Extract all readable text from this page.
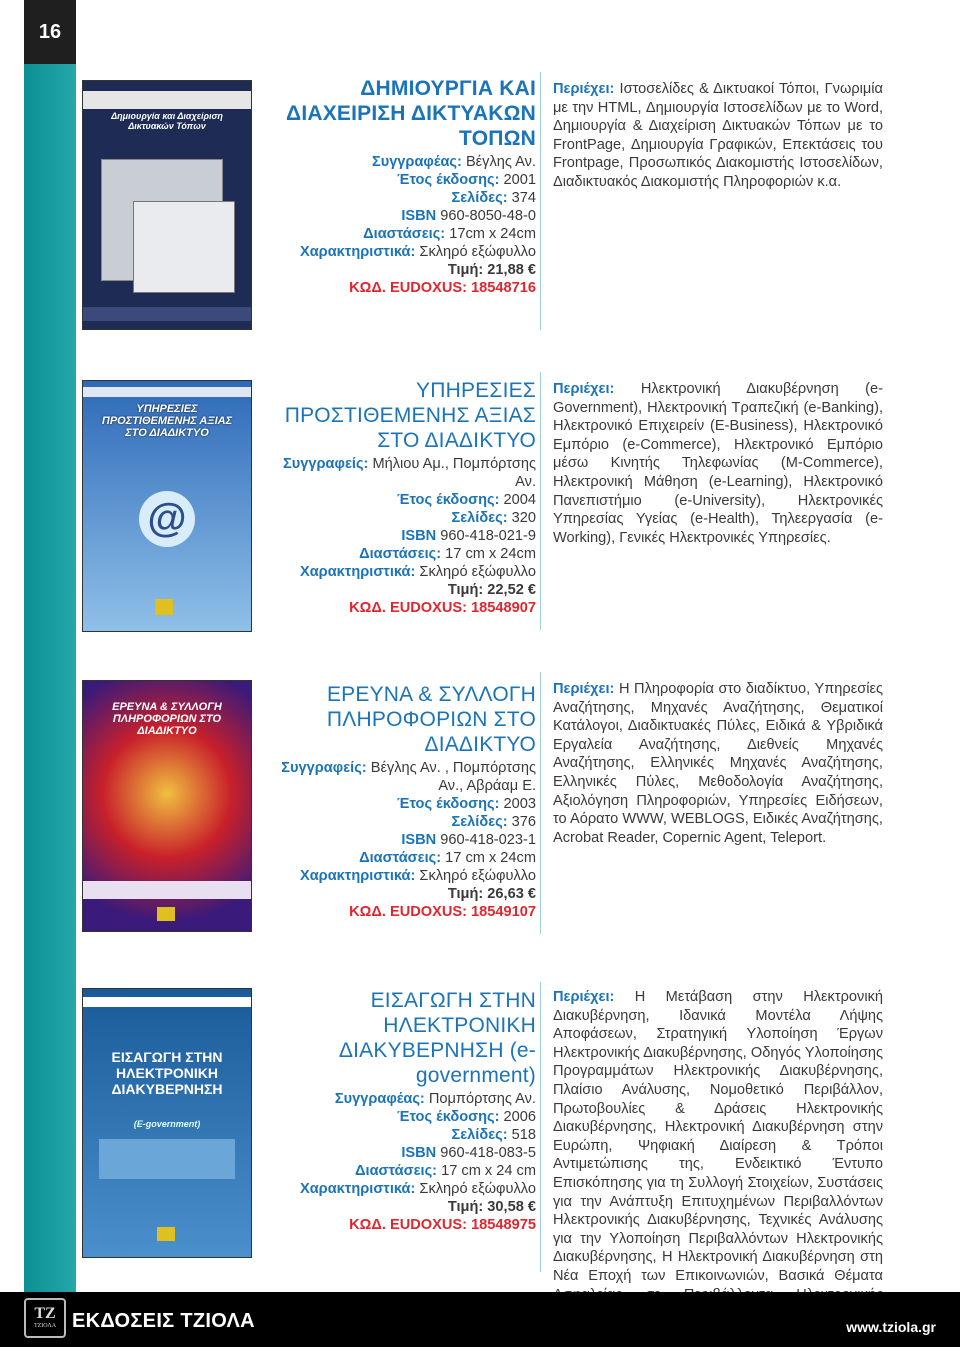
16
Δημιουργία και Διαχείριση Δικτυακών Τόπων
ΔΗΜΙΟΥΡΓΙΑ ΚΑΙ ΔΙΑΧΕΙΡΙΣΗ ΔΙΚΤΥΑΚΩΝ ΤΟΠΩΝ
Συγγραφέας: Βέγλης Αν.
Έτος έκδοσης: 2001
Σελίδες: 374
ISBN 960-8050-48-0
Διαστάσεις: 17cm x 24cm
Χαρακτηριστικά: Σκληρό εξώφυλλο
Τιμή: 21,88 €
ΚΩΔ. EUDOXUS: 18548716
Περιέχει: Ιστοσελίδες & Δικτυακοί Τόποι, Γνωριμία με την HTML, Δημιουργία Ιστοσελίδων με το Word, Δημιουργία & Διαχείριση Δικτυακών Τόπων με το FrontPage, Δημιουργία Γραφικών, Επεκτάσεις του Frontpage, Προσωπικός Διακομιστής Ιστοσελίδων, Διαδικτυακός Διακομιστής Πληροφοριών κ.α.
ΥΠΗΡΕΣΙΕΣ ΠΡΟΣΤΙΘΕΜΕΝΗΣ ΑΞΙΑΣ ΣΤΟ ΔΙΑΔΙΚΤΥΟ
@
ΥΠΗΡΕΣΙΕΣ ΠΡΟΣΤΙΘΕΜΕΝΗΣ ΑΞΙΑΣ ΣΤΟ ΔΙΑΔΙΚΤΥΟ
Συγγραφείς: Μήλιου Αμ., Πομπόρτσης Αν.
Έτος έκδοσης: 2004
Σελίδες: 320
ISBN 960-418-021-9
Διαστάσεις: 17 cm x 24cm
Χαρακτηριστικά: Σκληρό εξώφυλλο
Τιμή: 22,52 €
ΚΩΔ. EUDOXUS: 18548907
Περιέχει: Ηλεκτρονική Διακυβέρνηση (e-Government), Ηλεκτρονική Τραπεζική (e-Banking), Ηλεκτρονικό Επιχειρείν (E-Business), Ηλεκτρονικό Εμπόριο (e-Commerce), Ηλεκτρονικό Εμπόριο μέσω Κινητής Τηλεφωνίας (M-Commerce), Ηλεκτρονική Μάθηση (e-Learning), Ηλεκτρονικό Πανεπιστήμιο (e-University), Ηλεκτρονικές Υπηρεσίας Υγείας (e-Health), Τηλεεργασία (e-Working), Γενικές Ηλεκτρονικές Υπηρεσίες.
ΕΡΕΥΝΑ & ΣΥΛΛΟΓΗ ΠΛΗΡΟΦΟΡΙΩΝ ΣΤΟ ΔΙΑΔΙΚΤΥΟ
ΕΡΕΥΝΑ & ΣΥΛΛΟΓΗ ΠΛΗΡΟΦΟΡΙΩΝ ΣΤΟ ΔΙΑΔΙΚΤΥΟ
Συγγραφείς: Βέγλης Αν. , Πομπόρτσης Αν., Αβράαμ Ε.
Έτος έκδοσης: 2003
Σελίδες: 376
ISBN 960-418-023-1
Διαστάσεις: 17 cm x 24cm
Χαρακτηριστικά: Σκληρό εξώφυλλο
Τιμή: 26,63 €
ΚΩΔ. EUDOXUS: 18549107
Περιέχει: Η Πληροφορία στο διαδίκτυο, Υπηρεσίες Αναζήτησης, Μηχανές Αναζήτησης, Θεματικοί Κατάλογοι, Διαδικτυακές Πύλες, Ειδικά & Υβριδικά Εργαλεία Αναζήτησης, Διεθνείς Μηχανές Αναζήτησης, Ελληνικές Μηχανές Αναζήτησης, Ελληνικές Πύλες, Μεθοδολογία Αναζήτησης, Αξιολόγηση Πληροφοριών, Υπηρεσίες Ειδήσεων, το Αόρατο WWW, WEBLOGS, Ειδικές Αναζήτησης, Acrobat Reader, Copernic Agent, Teleport.
ΕΙΣΑΓΩΓΗ ΣΤΗΝ ΗΛΕΚΤΡΟΝΙΚΗ ΔΙΑΚΥΒΕΡΝΗΣΗ
(E-government)
ΕΙΣΑΓΩΓΗ ΣΤΗΝ ΗΛΕΚΤΡΟΝΙΚΗ ΔΙΑΚΥΒΕΡΝΗΣΗ (e-government)
Συγγραφέας: Πομπόρτσης Αν.
Έτος έκδοσης: 2006
Σελίδες: 518
ISBN 960-418-083-5
Διαστάσεις: 17 cm x 24 cm
Χαρακτηριστικά: Σκληρό εξώφυλλο
Τιμή: 30,58 €
ΚΩΔ. EUDOXUS: 18548975
Περιέχει: Η Μετάβαση στην Ηλεκτρονική Διακυβέρνηση, Ιδανικά Μοντέλα Λήψης Αποφάσεων, Στρατηγική Υλοποίηση Έργων Ηλεκτρονικής Διακυβέρνησης, Οδηγός Υλοποίησης Προγραμμάτων Ηλεκτρονικής Διακυβέρνησης, Πλαίσιο Ανάλυσης, Νομοθετικό Περιβάλλον, Πρωτοβουλίες & Δράσεις Ηλεκτρονικής Διακυβέρνησης, Ηλεκτρονική Διακυβέρνηση στην Ευρώπη, Ψηφιακή Διαίρεση & Τρόποι Αντιμετώπισης της, Ενδεικτικό Έντυπο Επισκόπησης για τη Συλλογή Στοιχείων, Συστάσεις για την Ανάπτυξη Επιτυχημένων Περιβαλλόντων Ηλεκτρονικής Διακυβέρνησης, Τεχνικές Ανάλυσης για την Υλοποίηση Περιβαλλόντων Ηλεκτρονικής Διακυβέρνησης, Η Ηλεκτρονική Διακυβέρνηση στη Νέα Εποχή των Επικοινωνιών, Βασικά Θέματα
ΤΖ
ΤΖΙΟΛΑ ΕΚΔΟΣΕΙΣ ΤΖΙΟΛΑ	www.tziola.gr
